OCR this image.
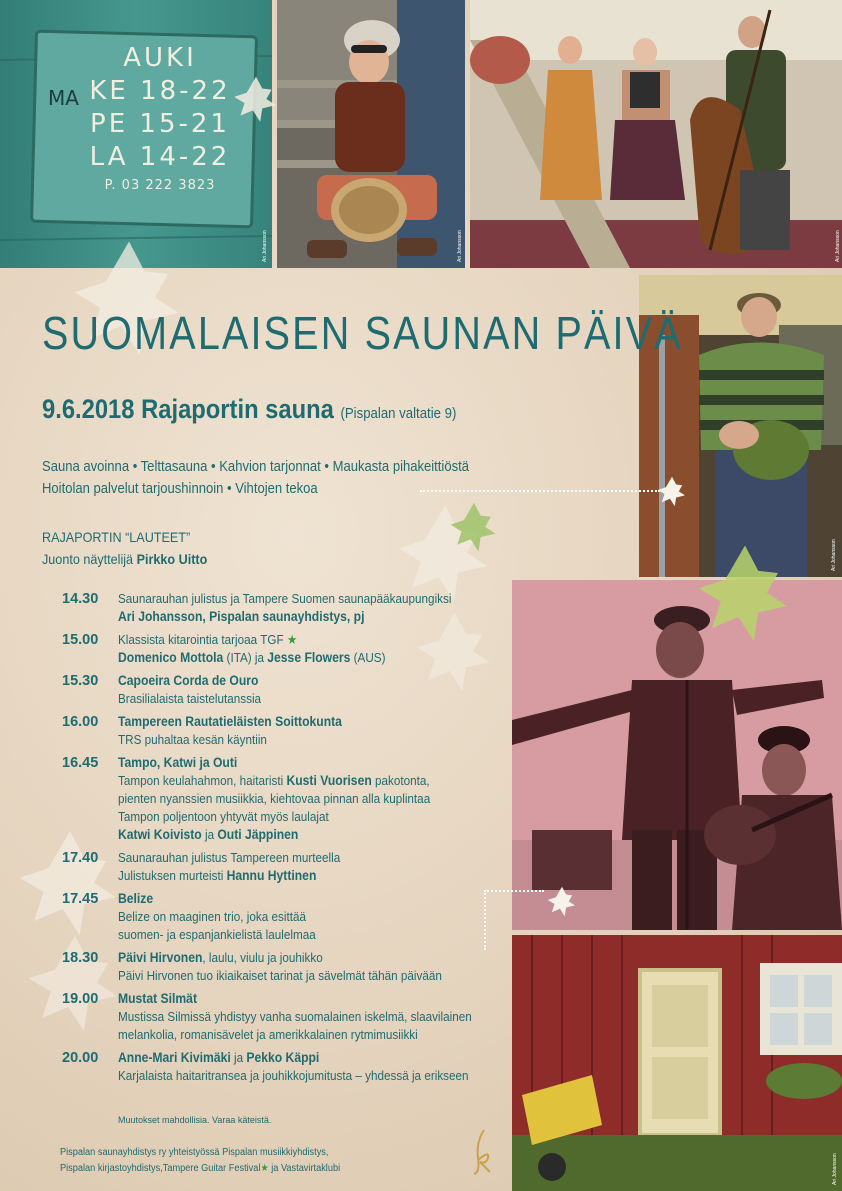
AUKI
KE 18-22
PE 15-21
LA 14-22
P. 03 222 3823
MA
Ari Johansson	Ari Johansson	Ari Johansson
Ari Johansson
Ari Johansson
SUOMALAISEN SAUNAN PÄIVÄ
9.6.2018 Rajaportin sauna (Pispalan valtatie 9)
Sauna avoinna • Telttasauna • Kahvion tarjonnat • Maukasta pihakeittiöstä
Hoitolan palvelut tarjoushinnoin • Vihtojen tekoa
RAJAPORTIN “LAUTEET”
Juonto näyttelijä Pirkko Uitto
14.30	Saunarauhan julistus ja Tampere Suomen saunapääkaupungiksi
Ari Johansson, Pispalan saunayhdistys, pj
15.00	Klassista kitarointia tarjoaa TGF ★
Domenico Mottola (ITA) ja Jesse Flowers (AUS)
15.30	Capoeira Corda de Ouro
Brasilialaista taistelutanssia
16.00	Tampereen Rautatieläisten Soittokunta
TRS puhaltaa kesän käyntiin
16.45	Tampo, Katwi ja Outi
Tampon keulahahmon, haitaristi Kusti Vuorisen pakotonta,
pienten nyanssien musiikkia, kiehtovaa pinnan alla kuplintaa
Tampon poljentoon yhtyvät myös laulajat
Katwi Koivisto ja Outi Jäppinen
17.40	Saunarauhan julistus Tampereen murteella
Julistuksen murteisti Hannu Hyttinen
17.45	Belize
Belize on maaginen trio, joka esittää
suomen- ja espanjankielistä laulelmaa
18.30	Päivi Hirvonen, laulu, viulu ja jouhikko
Päivi Hirvonen tuo ikiaikaiset tarinat ja sävelmät tähän päivään
19.00	Mustat Silmät
Mustissa Silmissä yhdistyy vanha suomalainen iskelmä, slaavilainen
melankolia, romanisävelet ja amerikkalainen rytmimusiikki
20.00	Anne-Mari Kivimäki ja Pekko Käppi
Karjalaista haitaritransea ja jouhikkojumitusta – yhdessä ja erikseen
Muutokset mahdollisia. Varaa käteistä.
Pispalan saunayhdistys ry yhteistyössä Pispalan musiikkiyhdistys,
Pispalan kirjastoyhdistys,Tampere Guitar Festival★ ja Vastavirtaklubi
